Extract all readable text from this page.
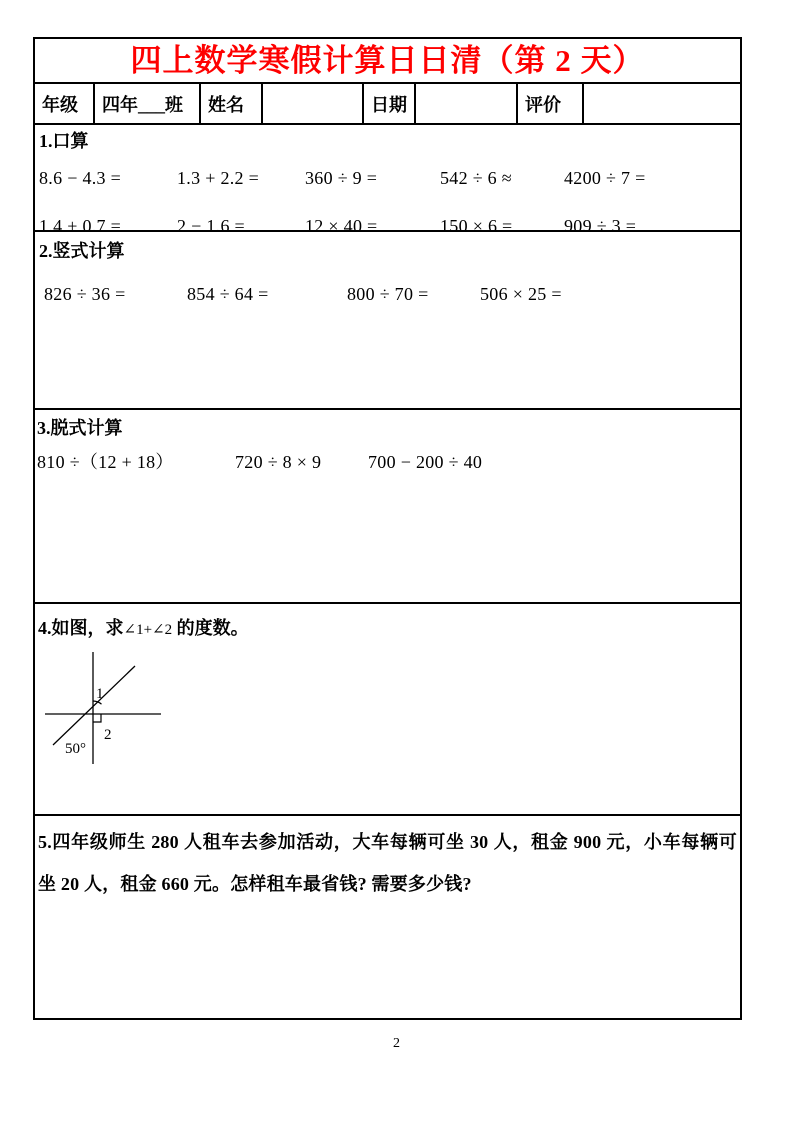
四上数学寒假计算日日清（第 2 天）
年级	四年___班	姓名	日期	评价
1.口算
8.6 − 4.3 =	1.3 + 2.2 =	360 ÷ 9 =	542 ÷ 6 ≈	4200 ÷ 7 =
1.4 + 0.7 =	2 − 1.6 =	12 × 40 =	150 × 6 =	909 ÷ 3 =
2.竖式计算
826 ÷ 36 =	854 ÷ 64 =	800 ÷ 70 =	506 × 25 =
3.脱式计算
810 ÷（12 + 18）	720 ÷ 8 × 9	700 − 200 ÷ 40
4.如图，求∠1+∠2 的度数。
1
2
50°
5.四年级师生 280 人租车去参加活动，大车每辆可坐 30 人，租金 900 元，小车每辆可
坐 20 人，租金 660 元。怎样租车最省钱? 需要多少钱?
2
